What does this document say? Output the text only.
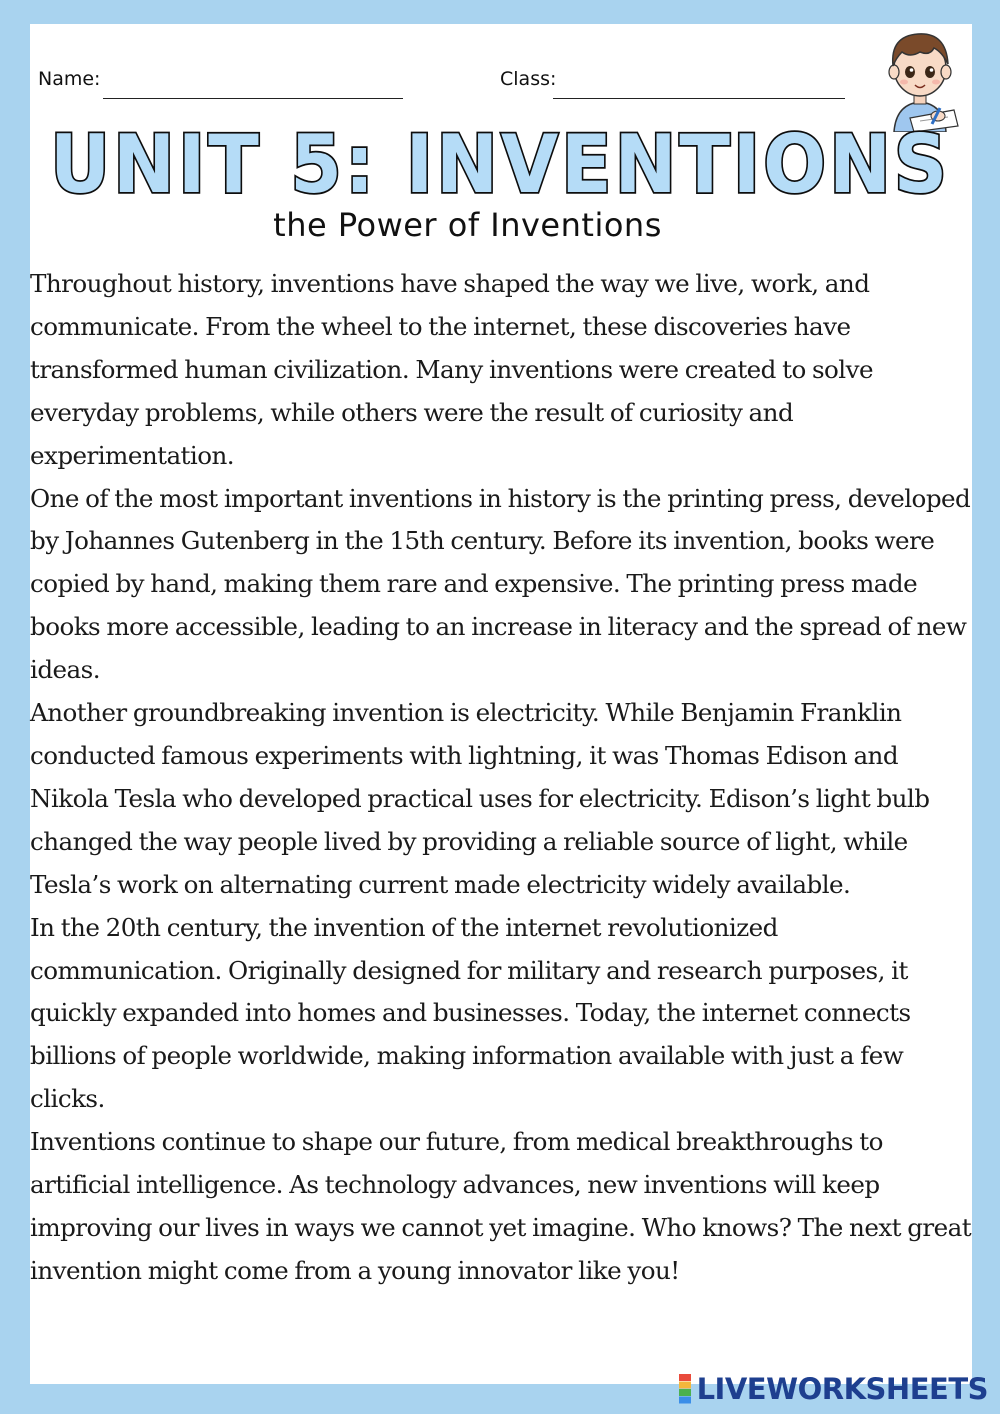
Name:	Class:
UNIT 5: INVENTIONS
the Power of Inventions

Throughout history, inventions have shaped the way we live, work, and communicate. From the wheel to the internet, these discoveries have transformed human civilization. Many inventions were created to solve everyday problems, while others were the result of curiosity and experimentation.

One of the most important inventions in history is the printing press, developed by Johannes Gutenberg in the 15th century. Before its invention, books were copied by hand, making them rare and expensive. The printing press made books more accessible, leading to an increase in literacy and the spread of new ideas.

Another groundbreaking invention is electricity. While Benjamin Franklin conducted famous experiments with lightning, it was Thomas Edison and Nikola Tesla who developed practical uses for electricity. Edison’s light bulb changed the way people lived by providing a reliable source of light, while Tesla’s work on alternating current made electricity widely available.

In the 20th century, the invention of the internet revolutionized communication. Originally designed for military and research purposes, it quickly expanded into homes and businesses. Today, the internet connects billions of people worldwide, making information available with just a few clicks.

Inventions continue to shape our future, from medical breakthroughs to artificial intelligence. As technology advances, new inventions will keep improving our lives in ways we cannot yet imagine. Who knows? The next great invention might come from a young innovator like you!

LIVEWORKSHEETS
